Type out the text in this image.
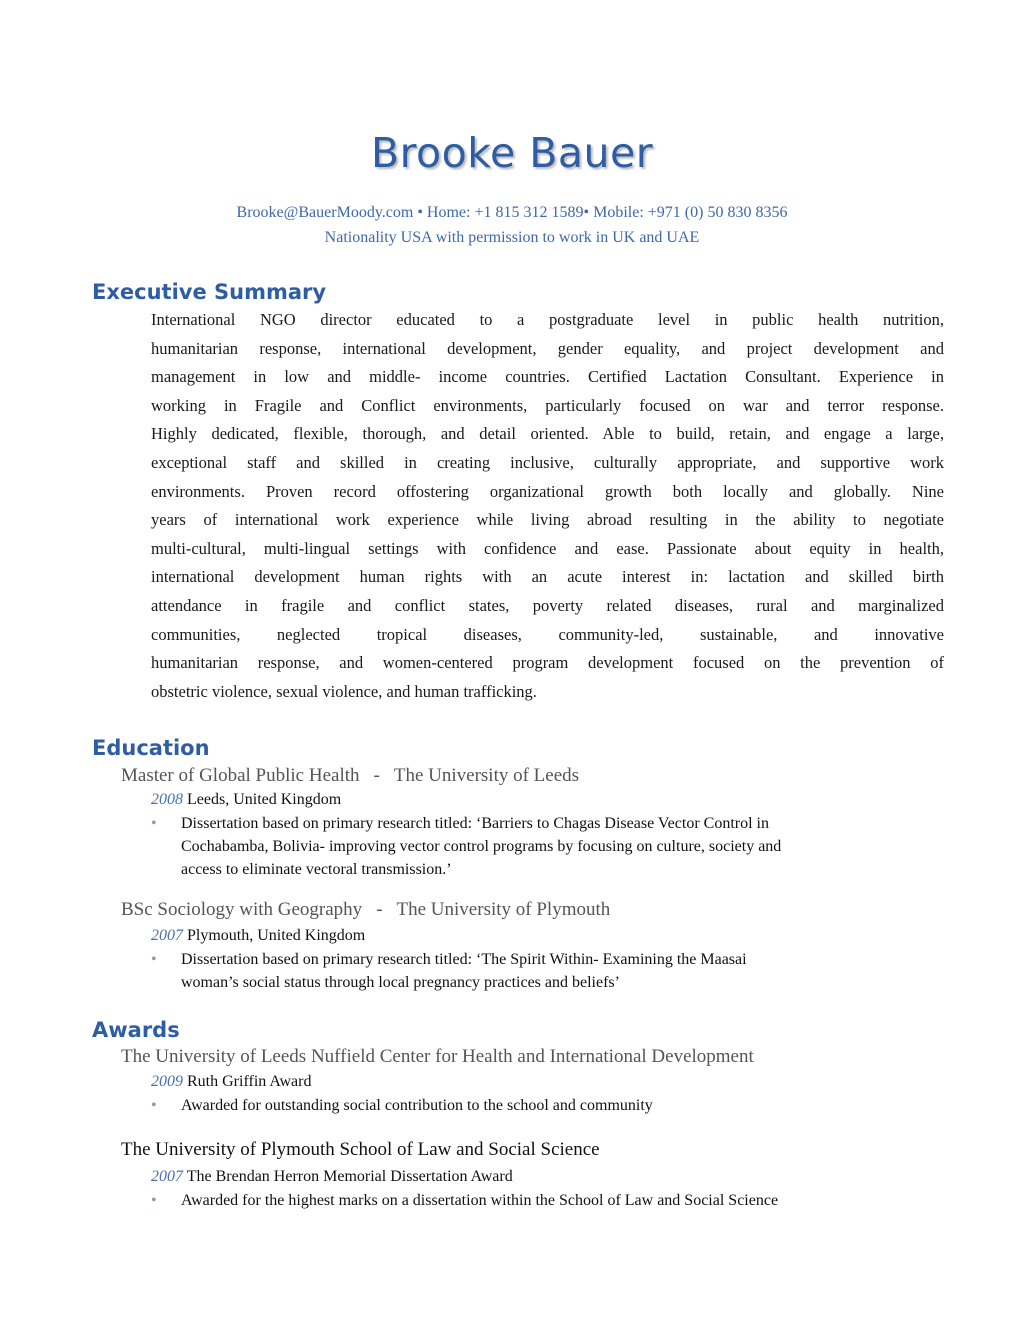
Brooke Bauer
Brooke@BauerMoody.com • Home: +1 815 312 1589• Mobile: +971 (0) 50 830 8356
Nationality USA with permission to work in UK and UAE
Executive Summary
International NGO director educated to a postgraduate level in public health nutrition,
humanitarian response, international development, gender equality, and project development and
management in low and middle- income countries. Certified Lactation Consultant. Experience in
working in Fragile and Conflict environments, particularly focused on war and terror response.
Highly dedicated, flexible, thorough, and detail oriented. Able to build, retain, and engage a large,
exceptional staff and skilled in creating inclusive, culturally appropriate, and supportive work
environments. Proven record offostering organizational growth both locally and globally. Nine
years of international work experience while living abroad resulting in the ability to negotiate
multi-cultural, multi-lingual settings with confidence and ease. Passionate about equity in health,
international development human rights with an acute interest in: lactation and skilled birth
attendance in fragile and conflict states, poverty related diseases, rural and marginalized
communities, neglected tropical diseases, community-led, sustainable, and innovative
humanitarian response, and women-centered program development focused on the prevention of
obstetric violence, sexual violence, and human trafficking.
Education
Master of Global Public Health - The University of Leeds
2008 Leeds, United Kingdom
•	Dissertation based on primary research titled: ‘Barriers to Chagas Disease Vector Control in
Cochabamba, Bolivia- improving vector control programs by focusing on culture, society and
access to eliminate vectoral transmission.’
BSc Sociology with Geography - The University of Plymouth
2007 Plymouth, United Kingdom
•	Dissertation based on primary research titled: ‘The Spirit Within- Examining the Maasai
woman’s social status through local pregnancy practices and beliefs’
Awards
The University of Leeds Nuffield Center for Health and International Development
2009 Ruth Griffin Award
•	Awarded for outstanding social contribution to the school and community
The University of Plymouth School of Law and Social Science
2007 The Brendan Herron Memorial Dissertation Award
•	Awarded for the highest marks on a dissertation within the School of Law and Social Science
